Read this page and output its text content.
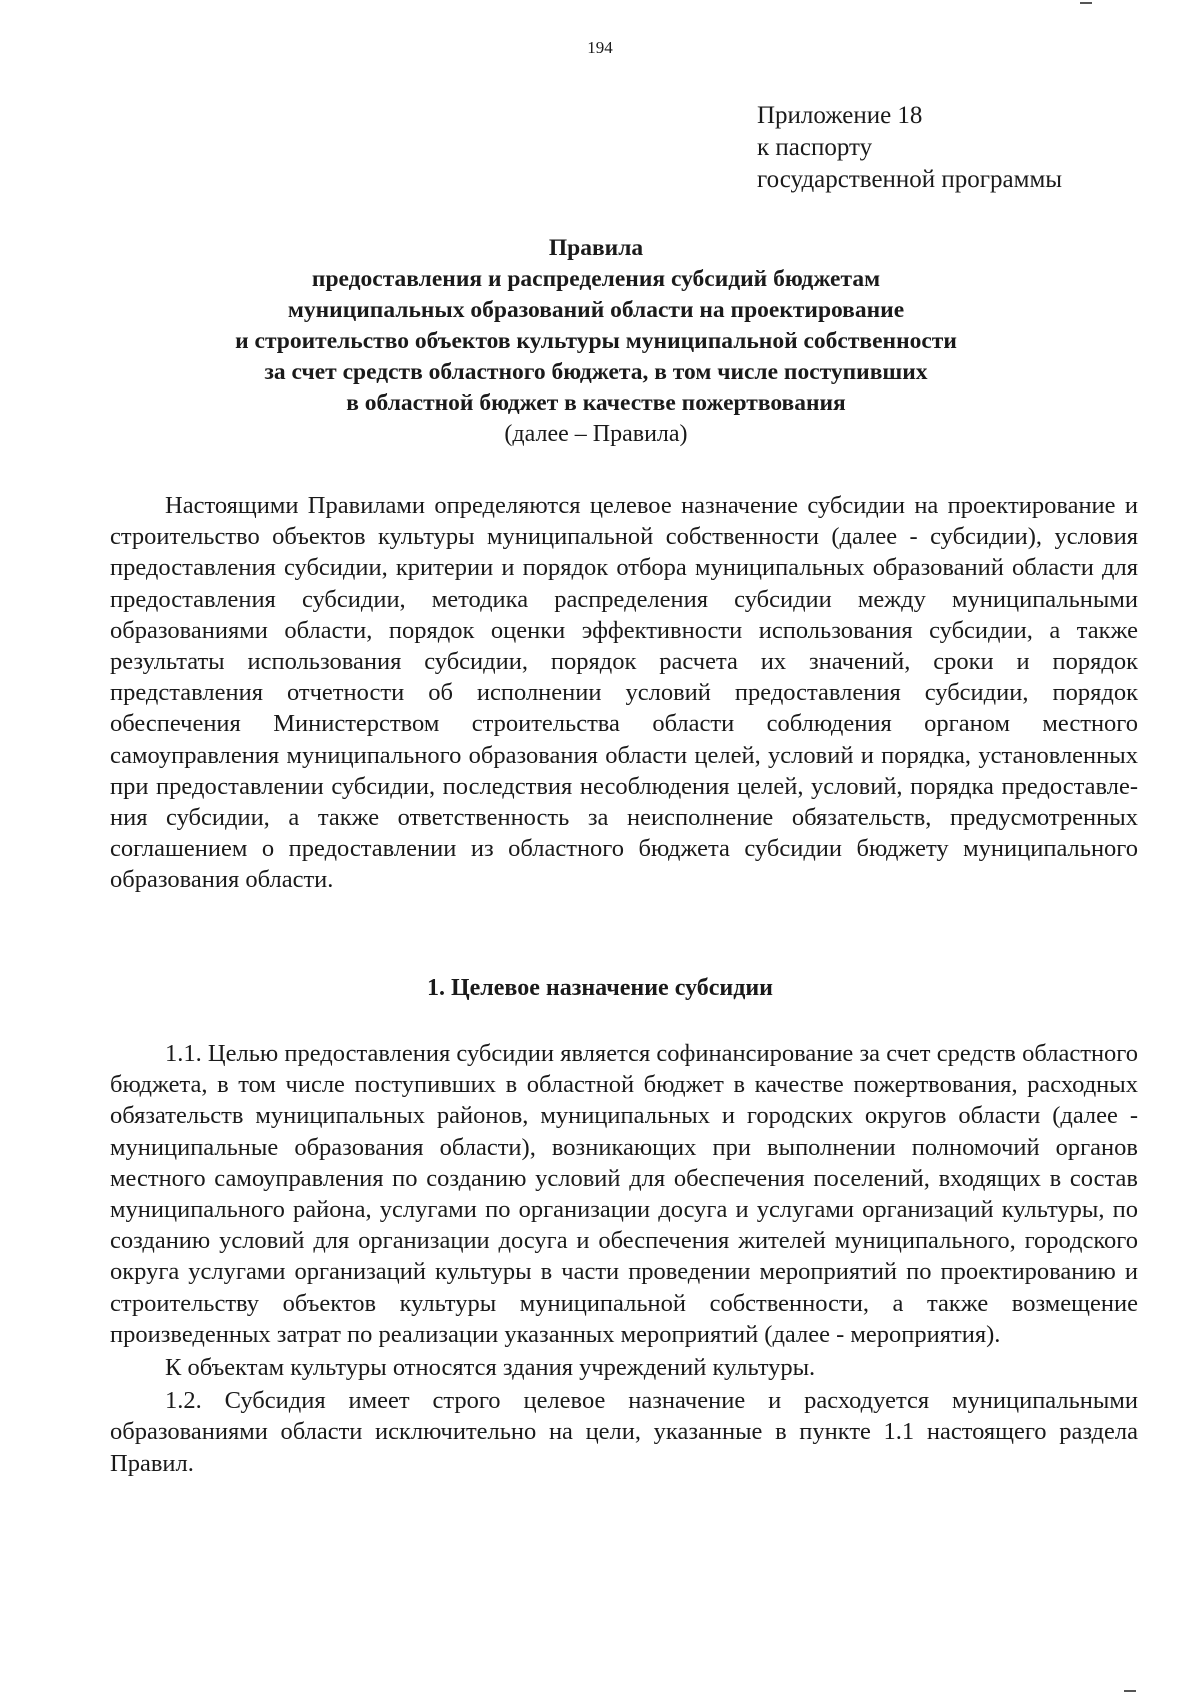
194
Приложение 18
к паспорту
государственной программы
Правила
предоставления и распределения субсидий бюджетам
муниципальных образований области на проектирование
и строительство объектов культуры муниципальной собственности
за счет средств областного бюджета, в том числе поступивших
в областной бюджет в качестве пожертвования
(далее – Правила)

Настоящими Правилами определяются целевое назначение субсидии на проектирование и строительство объектов культуры муниципальной собственности (далее - субсидии), условия предоставления субсидии, критерии и порядок отбора муниципальных образований области для предоставления субсидии, методика распределения субсидии между муниципальными образованиями области, порядок оценки эффективности использования субсидии, а также результаты использования субсидии, порядок расчета их значений, сроки и порядок представления отчетности об исполнении условий предоставления субсидии, порядок обеспечения Министерством строительства области соблюдения органом местного самоуправления муниципального образования области целей, условий и порядка, установленных при предоставлении субсидии, последствия несоблюдения целей, условий, порядка предоставления субсидии, а также ответственность за неисполнение обязательств, предусмотренных соглашением о предоставлении из областного бюджета субсидии бюджету муниципального образования области.

1. Целевое назначение субсидии

1.1. Целью предоставления субсидии является софинансирование за счет средств областного бюджета, в том числе поступивших в областной бюджет в качестве пожертвования, расходных обязательств муниципальных районов, муниципальных и городских округов области (далее - муниципальные образования области), возникающих при выполнении полномочий органов местного самоуправления по созданию условий для обеспечения поселений, входящих в состав муниципального района, услугами по организации досуга и услугами организаций культуры, по созданию условий для организации досуга и обеспечения жителей муниципального, городского округа услугами организаций культуры в части проведении мероприятий по проектированию и строительству объектов культуры муниципальной собственности, а также возмещение произведенных затрат по реализации указанных мероприятий (далее - мероприятия).

К объектам культуры относятся здания учреждений культуры.

1.2. Субсидия имеет строго целевое назначение и расходуется муниципальными образованиями области исключительно на цели, указанные в пункте 1.1 настоящего раздела Правил.
